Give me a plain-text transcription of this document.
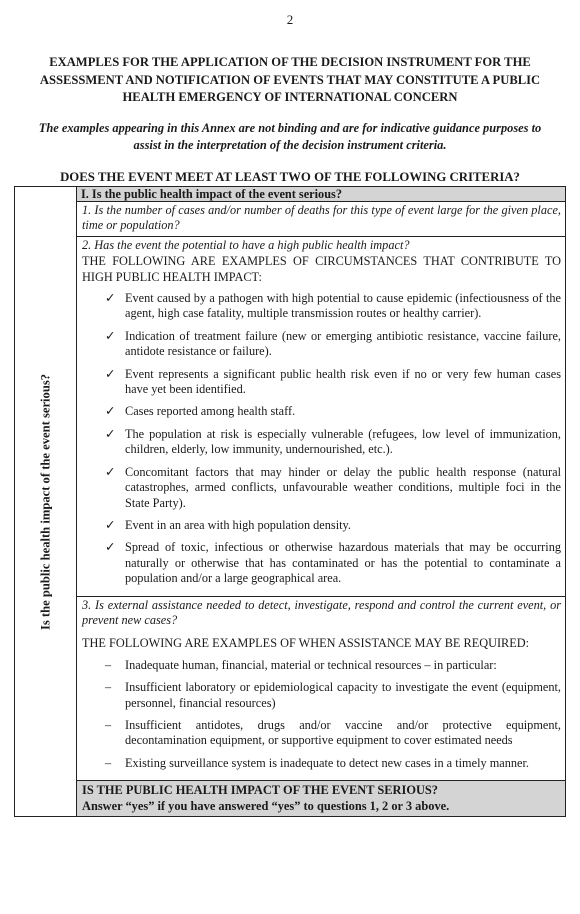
2
EXAMPLES FOR THE APPLICATION OF THE DECISION INSTRUMENT FOR THE ASSESSMENT AND NOTIFICATION OF EVENTS THAT MAY CONSTITUTE A PUBLIC HEALTH EMERGENCY OF INTERNATIONAL CONCERN
The examples appearing in this Annex are not binding and are for indicative guidance purposes to assist in the interpretation of the decision instrument criteria.
DOES THE EVENT MEET AT LEAST TWO OF THE FOLLOWING CRITERIA?
Is the public health impact of the event serious?
	I. Is the public health impact of the event serious?

1. Is the number of cases and/or number of deaths for this type of event large for the given place, time or population?

2. Has the event the potential to have a high public health impact?
THE FOLLOWING ARE EXAMPLES OF CIRCUMSTANCES THAT CONTRIBUTE TO HIGH PUBLIC HEALTH IMPACT:
✓ Event caused by a pathogen with high potential to cause epidemic (infectiousness of the agent, high case fatality, multiple transmission routes or healthy carrier).
✓ Indication of treatment failure (new or emerging antibiotic resistance, vaccine failure, antidote resistance or failure).
✓ Event represents a significant public health risk even if no or very few human cases have yet been identified.
✓ Cases reported among health staff.
✓ The population at risk is especially vulnerable (refugees, low level of immunization, children, elderly, low immunity, undernourished, etc.).
✓ Concomitant factors that may hinder or delay the public health response (natural catastrophes, armed conflicts, unfavourable weather conditions, multiple foci in the State Party).
✓ Event in an area with high population density.
✓ Spread of toxic, infectious or otherwise hazardous materials that may be occurring naturally or otherwise that has contaminated or has the potential to contaminate a population and/or a large geographical area.

3. Is external assistance needed to detect, investigate, respond and control the current event, or prevent new cases?
THE FOLLOWING ARE EXAMPLES OF WHEN ASSISTANCE MAY BE REQUIRED:
– Inadequate human, financial, material or technical resources – in particular:
– Insufficient laboratory or epidemiological capacity to investigate the event (equipment, personnel, financial resources)
– Insufficient antidotes, drugs and/or vaccine and/or protective equipment, decontamination equipment, or supportive equipment to cover estimated needs
– Existing surveillance system is inadequate to detect new cases in a timely manner.

IS THE PUBLIC HEALTH IMPACT OF THE EVENT SERIOUS?
Answer “yes” if you have answered “yes” to questions 1, 2 or 3 above.
